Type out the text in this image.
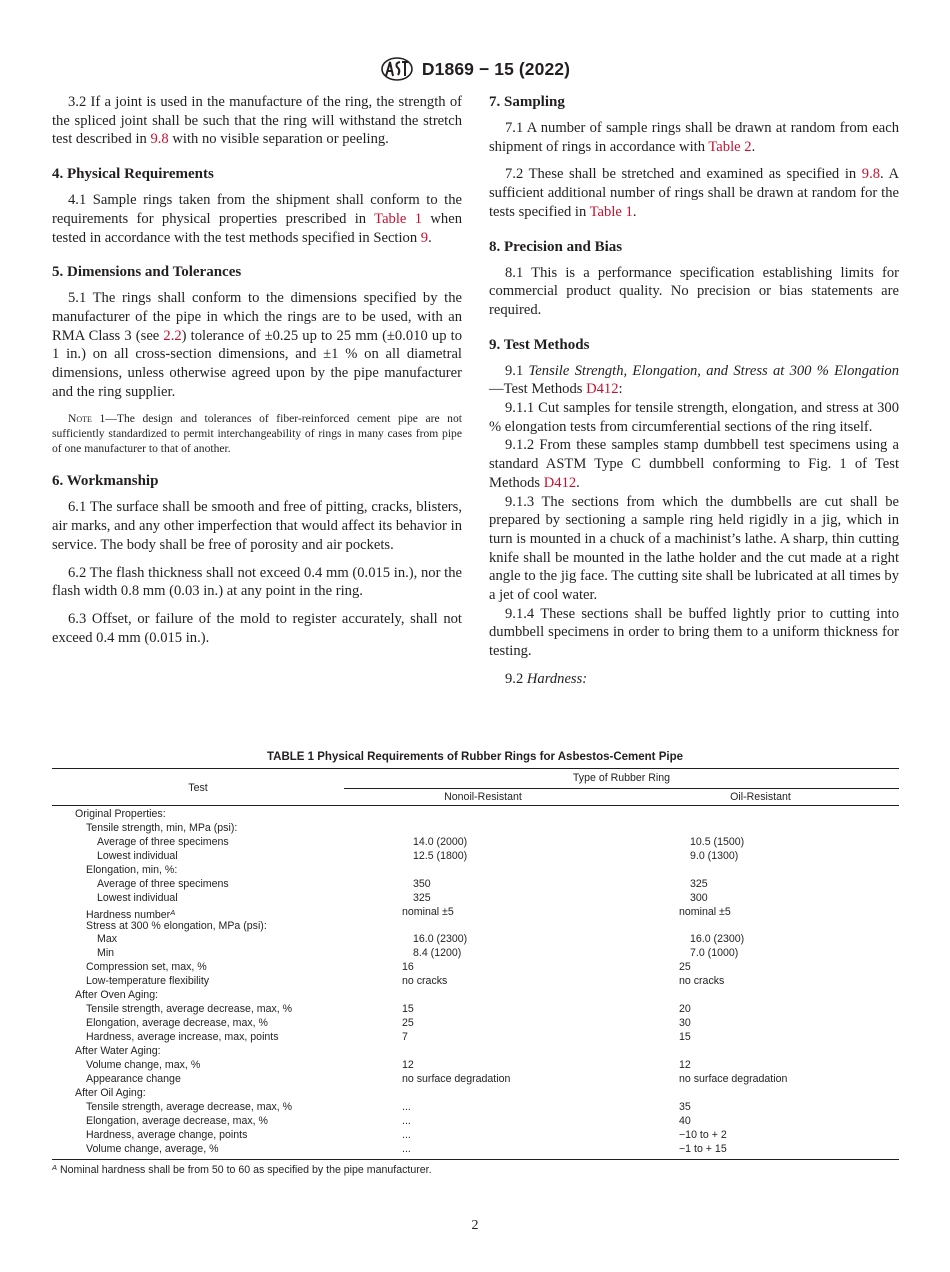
D1869 − 15 (2022)

3.2 If a joint is used in the manufacture of the ring, the strength of the spliced joint shall be such that the ring will withstand the stretch test described in 9.8 with no visible separation or peeling.

4. Physical Requirements

4.1 Sample rings taken from the shipment shall conform to the requirements for physical properties prescribed in Table 1 when tested in accordance with the test methods specified in Section 9.

5. Dimensions and Tolerances

5.1 The rings shall conform to the dimensions specified by the manufacturer of the pipe in which the rings are to be used, with an RMA Class 3 (see 2.2) tolerance of ±0.25 up to 25 mm (±0.010 up to 1 in.) on all cross-section dimensions, and ±1 % on all diametral dimensions, unless otherwise agreed upon by the pipe manufacturer and the ring supplier.

Note 1—The design and tolerances of fiber-reinforced cement pipe are not sufficiently standardized to permit interchangeability of rings in many cases from pipe of one manufacturer to that of another.

6. Workmanship

6.1 The surface shall be smooth and free of pitting, cracks, blisters, air marks, and any other imperfection that would affect its behavior in service. The body shall be free of porosity and air pockets.

6.2 The flash thickness shall not exceed 0.4 mm (0.015 in.), nor the flash width 0.8 mm (0.03 in.) at any point in the ring.

6.3 Offset, or failure of the mold to register accurately, shall not exceed 0.4 mm (0.015 in.).

7. Sampling

7.1 A number of sample rings shall be drawn at random from each shipment of rings in accordance with Table 2.

7.2 These shall be stretched and examined as specified in 9.8. A sufficient additional number of rings shall be drawn at random for the tests specified in Table 1.

8. Precision and Bias

8.1 This is a performance specification establishing limits for commercial product quality. No precision or bias statements are required.

9. Test Methods

9.1 Tensile Strength, Elongation, and Stress at 300 % Elongation—Test Methods D412:

9.1.1 Cut samples for tensile strength, elongation, and stress at 300 % elongation tests from circumferential sections of the ring itself.

9.1.2 From these samples stamp dumbbell test specimens using a standard ASTM Type C dumbbell conforming to Fig. 1 of Test Methods D412.

9.1.3 The sections from which the dumbbells are cut shall be prepared by sectioning a sample ring held rigidly in a jig, which in turn is mounted in a chuck of a machinist’s lathe. A sharp, thin cutting knife shall be mounted in the lathe holder and the cut made at a right angle to the jig face. The cutting site shall be lubricated at all times by a jet of cool water.

9.1.4 These sections shall be buffed lightly prior to cutting into dumbbell specimens in order to bring them to a uniform thickness for testing.

9.2 Hardness:

TABLE 1 Physical Requirements of Rubber Rings for Asbestos-Cement Pipe
Test
Type of Rubber Ring
Nonoil-Resistant	Oil-Resistant
Original Properties:
Tensile strength, min, MPa (psi):
Average of three specimens	14.0 (2000)	10.5 (1500)
Lowest individual	12.5 (1800)	9.0 (1300)
Elongation, min, %:
Average of three specimens	350	325
Lowest individual	325	300
Hardness number$^A$	nominal ±5	nominal ±5
Stress at 300 % elongation, MPa (psi):
Max	16.0 (2300)	16.0 (2300)
Min	8.4 (1200)	7.0 (1000)
Compression set, max, %	16	25
Low-temperature flexibility	no cracks	no cracks
After Oven Aging:
Tensile strength, average decrease, max, %	15	20
Elongation, average decrease, max, %	25	30
Hardness, average increase, max, points	7	15
After Water Aging:
Volume change, max, %	12	12
Appearance change	no surface degradation	no surface degradation
After Oil Aging:
Tensile strength, average decrease, max, %	...	35
Elongation, average decrease, max, %	...	40
Hardness, average change, points	...	−10 to + 2
Volume change, average, %	...	−1 to + 15
$^A$ Nominal hardness shall be from 50 to 60 as specified by the pipe manufacturer.
2
